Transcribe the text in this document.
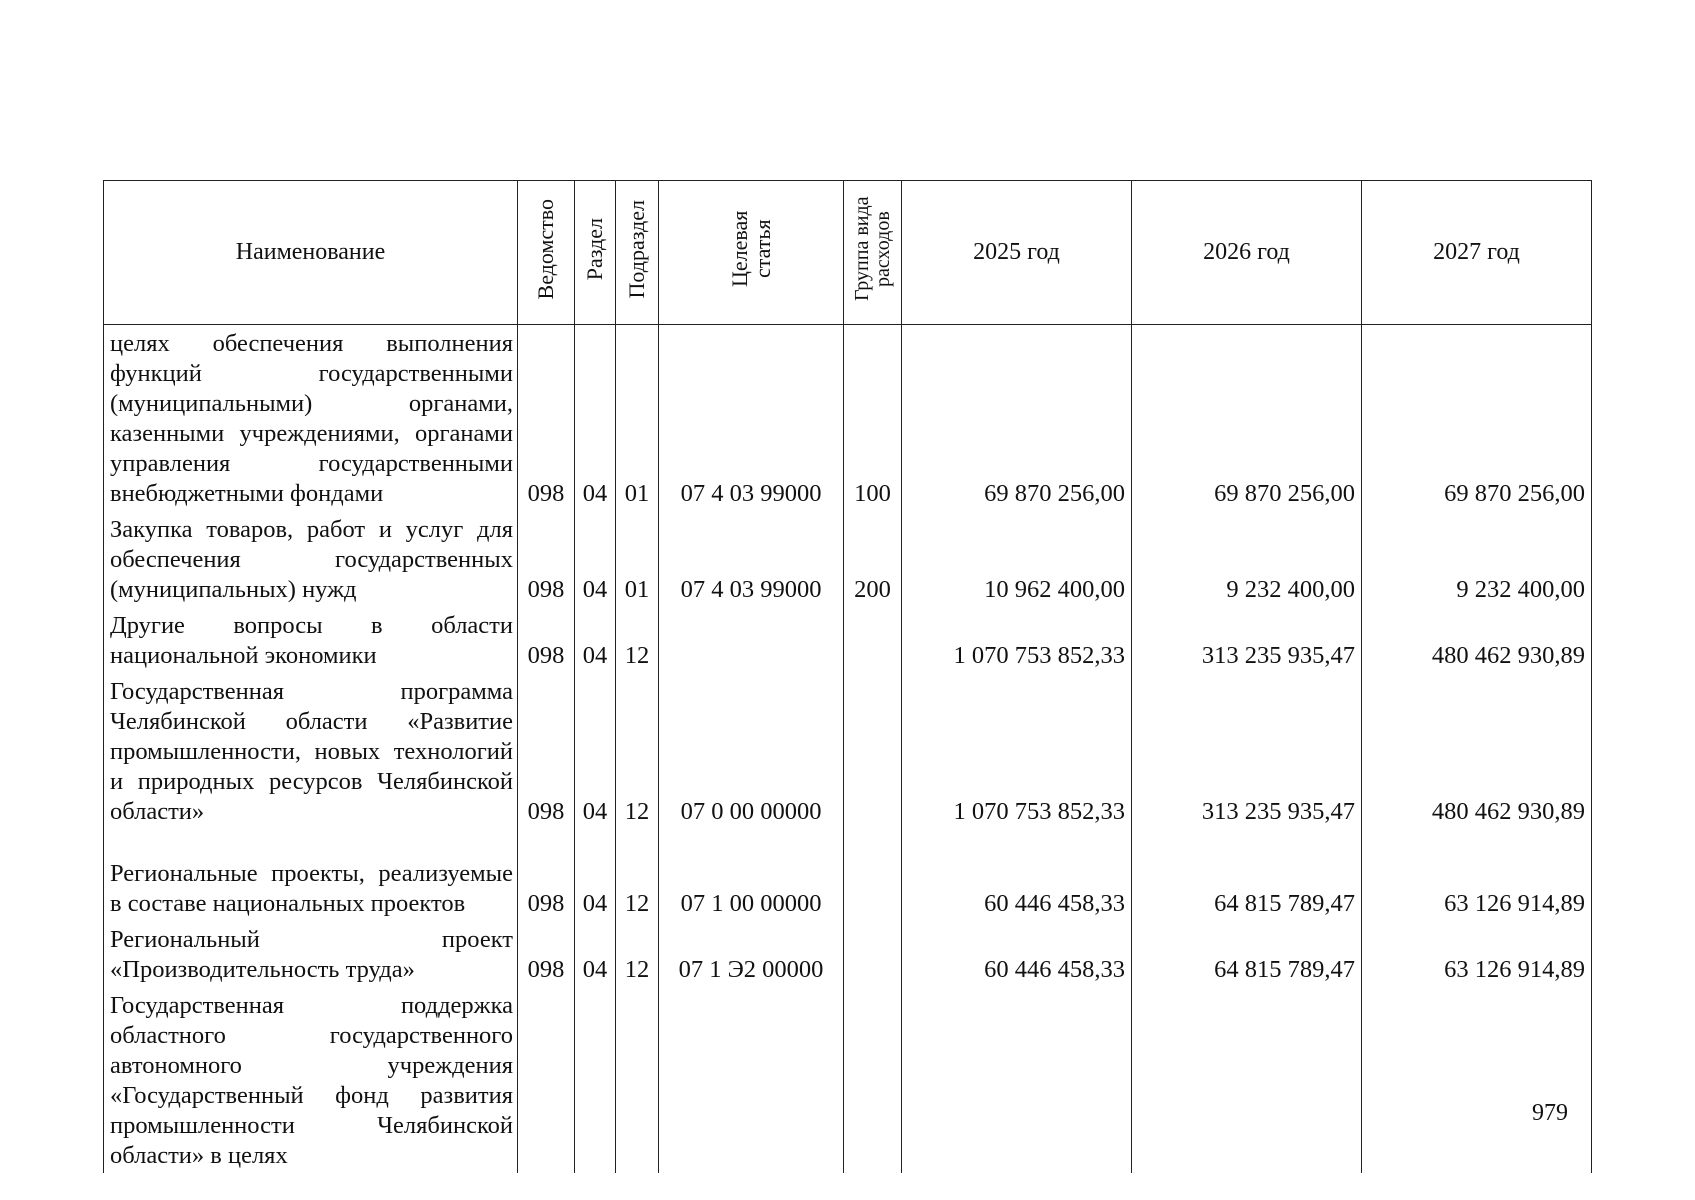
Наименование	Ведомство	Раздел	Подраздел	Целевая статья	Группа вида расходов	2025 год	2026 год	2027 год

целях обеспечения выполнения функций государственными (муниципальными) органами, казенными учреждениями, органами управления государственными внебюджетными фондами	098	04	01	07 4 03 99000	100	69 870 256,00	69 870 256,00	69 870 256,00

Закупка товаров, работ и услуг для обеспечения государственных (муниципальных) нужд	098	04	01	07 4 03 99000	200	10 962 400,00	9 232 400,00	9 232 400,00

Другие вопросы в области национальной экономики	098	04	12			1 070 753 852,33	313 235 935,47	480 462 930,89

Государственная программа Челябинской области «Развитие промышленности, новых технологий и природных ресурсов Челябинской области»	098	04	12	07 0 00 00000		1 070 753 852,33	313 235 935,47	480 462 930,89

Региональные проекты, реализуемые в составе национальных проектов	098	04	12	07 1 00 00000		60 446 458,33	64 815 789,47	63 126 914,89

Региональный проект «Производительность труда»	098	04	12	07 1 Э2 00000		60 446 458,33	64 815 789,47	63 126 914,89

Государственная поддержка областного государственного автономного учреждения «Государственный фонд развития промышленности Челябинской области» в целях								

979
